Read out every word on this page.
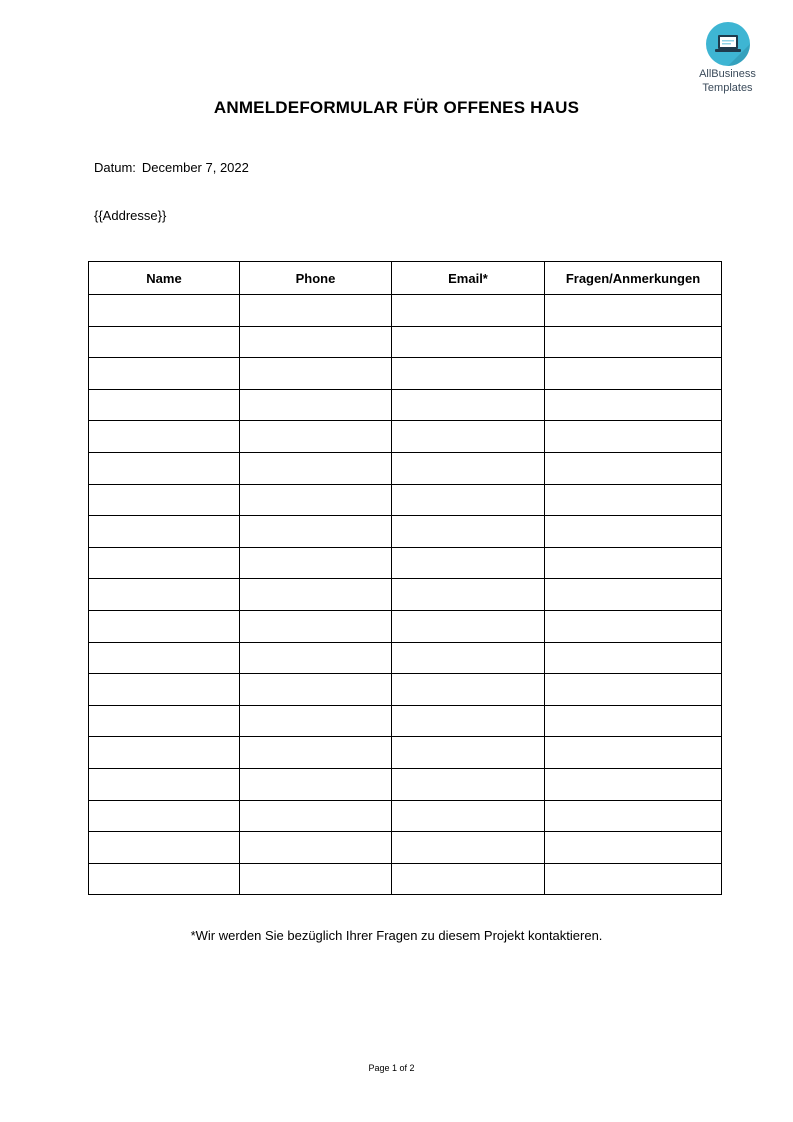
AllBusiness
Templates
ANMELDEFORMULAR FÜR OFFENES HAUS
Datum: December 7, 2022
{{Addresse}}
Name	Phone	Email*	Fragen/Anmerkungen

*Wir werden Sie bezüglich Ihrer Fragen zu diesem Projekt kontaktieren.
Page 1 of 2
